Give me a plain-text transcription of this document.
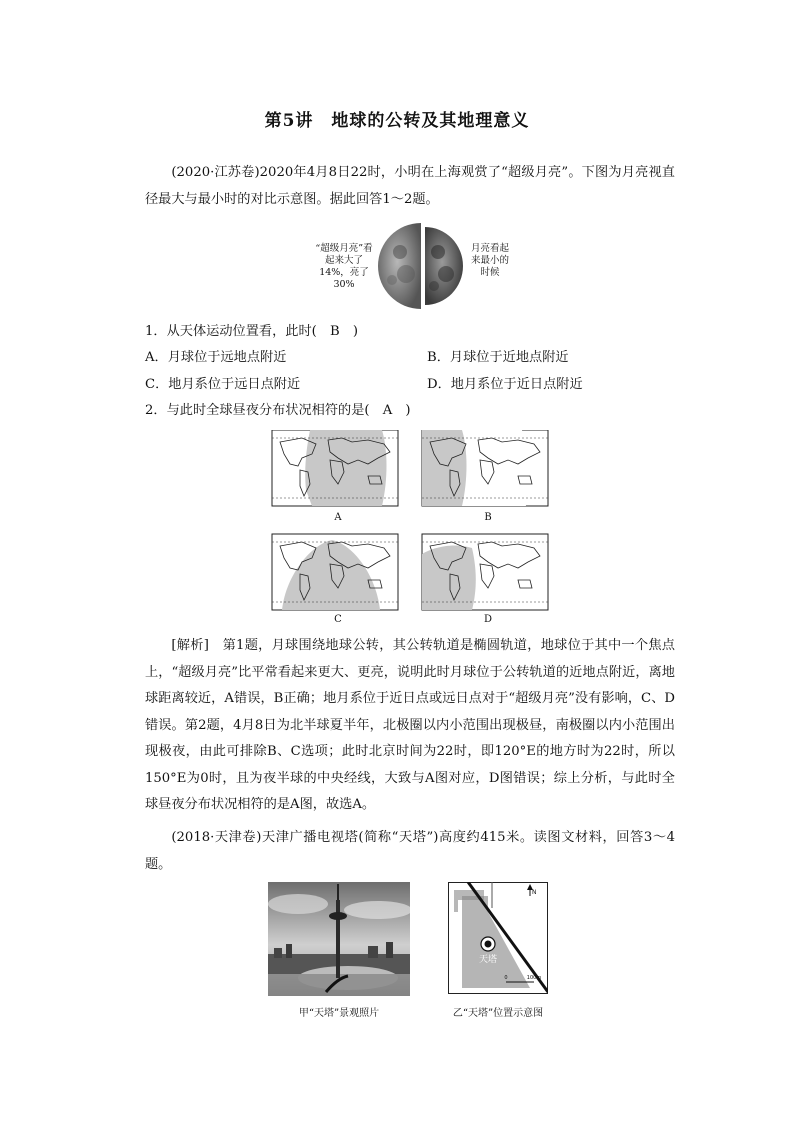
第5讲　地球的公转及其地理意义

(2020·江苏卷)2020年4月8日22时，小明在上海观赏了“超级月亮”。下图为月亮视直径最大与最小时的对比示意图。据此回答1～2题。

“超级月亮”看起来大了14%，亮了30%
月亮看起来最小的时候
1．从天体运动位置看，此时(　B　)
A．月球位于远地点附近	B．月球位于近地点附近
C．地月系位于远日点附近	D．地月系位于近日点附近
2．与此时全球昼夜分布状况相符的是(　A　)
A	B
C	D

[解析]　第1题，月球围绕地球公转，其公转轨道是椭圆轨道，地球位于其中一个焦点上，“超级月亮”比平常看起来更大、更亮，说明此时月球位于公转轨道的近地点附近，离地球距离较近，A错误，B正确；地月系位于近日点或远日点对于“超级月亮”没有影响，C、D错误。第2题，4月8日为北半球夏半年，北极圈以内小范围出现极昼，南极圈以内小范围出现极夜，由此可排除B、C选项；此时北京时间为22时，即120°E的地方时为22时，所以150°E为0时，且为夜半球的中央经线，大致与A图对应，D图错误；综上分析，与此时全球昼夜分布状况相符的是A图，故选A。

(2018·天津卷)天津广播电视塔(简称“天塔”)高度约415米。读图文材料，回答3～4题。

甲“天塔”景观照片
N
天塔
0	100m
乙“天塔”位置示意图
